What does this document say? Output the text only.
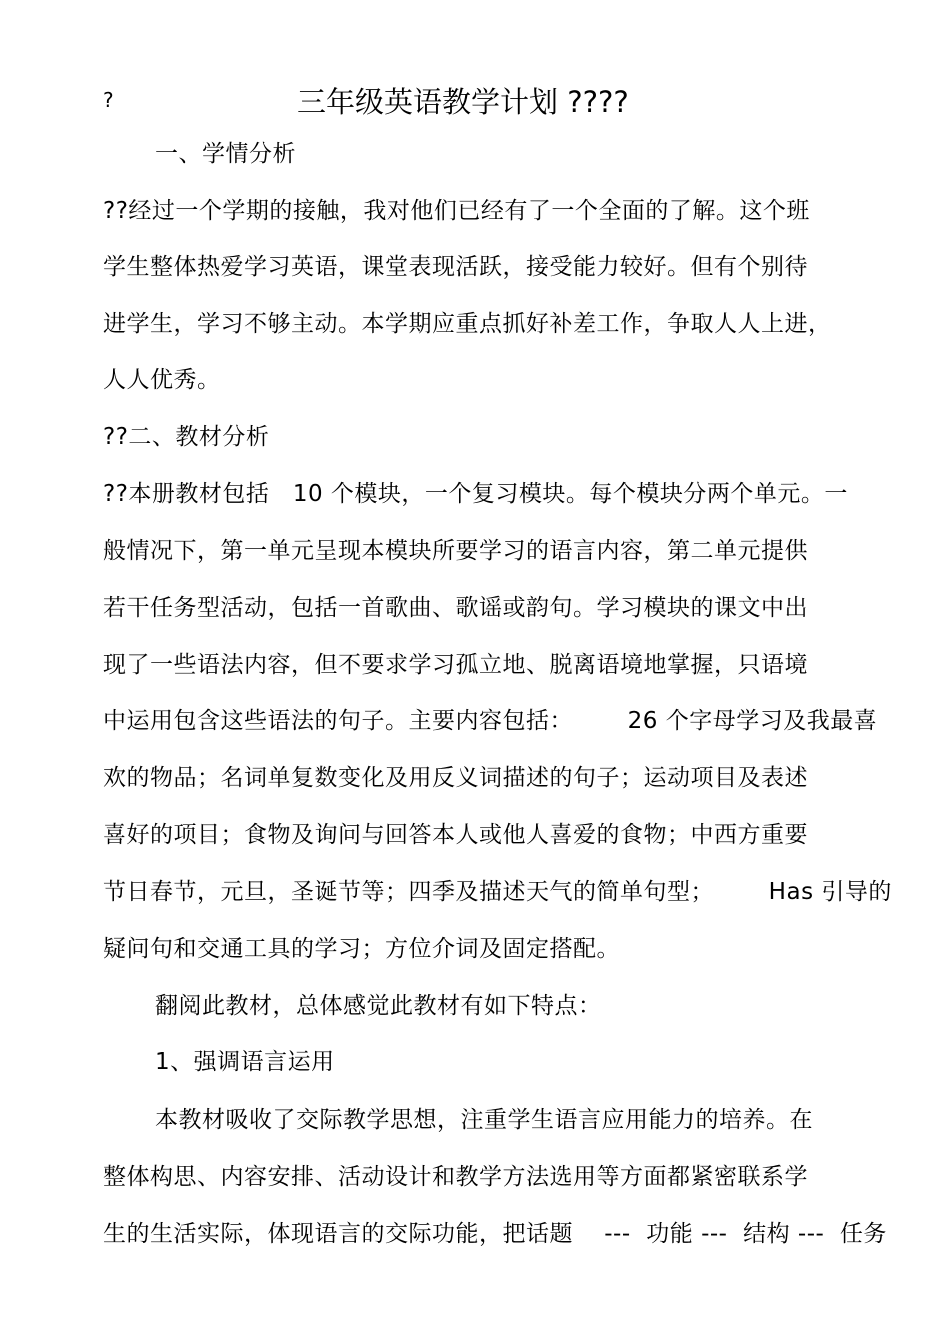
?	三年级英语教学计划 ????
一、学情分析
??经过一个学期的接触，我对他们已经有了一个全面的了解。这个班
学生整体热爱学习英语，课堂表现活跃，接受能力较好。但有个别待
进学生，学习不够主动。本学期应重点抓好补差工作，争取人人上进，
人人优秀。
??二、教材分析
??本册教材包括   10 个模块，一个复习模块。每个模块分两个单元。一
般情况下，第一单元呈现本模块所要学习的语言内容，第二单元提供
若干任务型活动，包括一首歌曲、歌谣或韵句。学习模块的课文中出
现了一些语法内容，但不要求学习孤立地、脱离语境地掌握，只语境
中运用包含这些语法的句子。主要内容包括：       26 个字母学习及我最喜
欢的物品；名词单复数变化及用反义词描述的句子；运动项目及表述
喜好的项目；食物及询问与回答本人或他人喜爱的食物；中西方重要
节日春节，元旦，圣诞节等；四季及描述天气的简单句型；       Has 引导的
疑问句和交通工具的学习；方位介词及固定搭配。
翻阅此教材，总体感觉此教材有如下特点：
1、强调语言运用
本教材吸收了交际教学思想，注重学生语言应用能力的培养。在
整体构思、内容安排、活动设计和教学方法选用等方面都紧密联系学
生的生活实际，体现语言的交际功能，把话题    ---  功能 ---  结构 ---  任务
